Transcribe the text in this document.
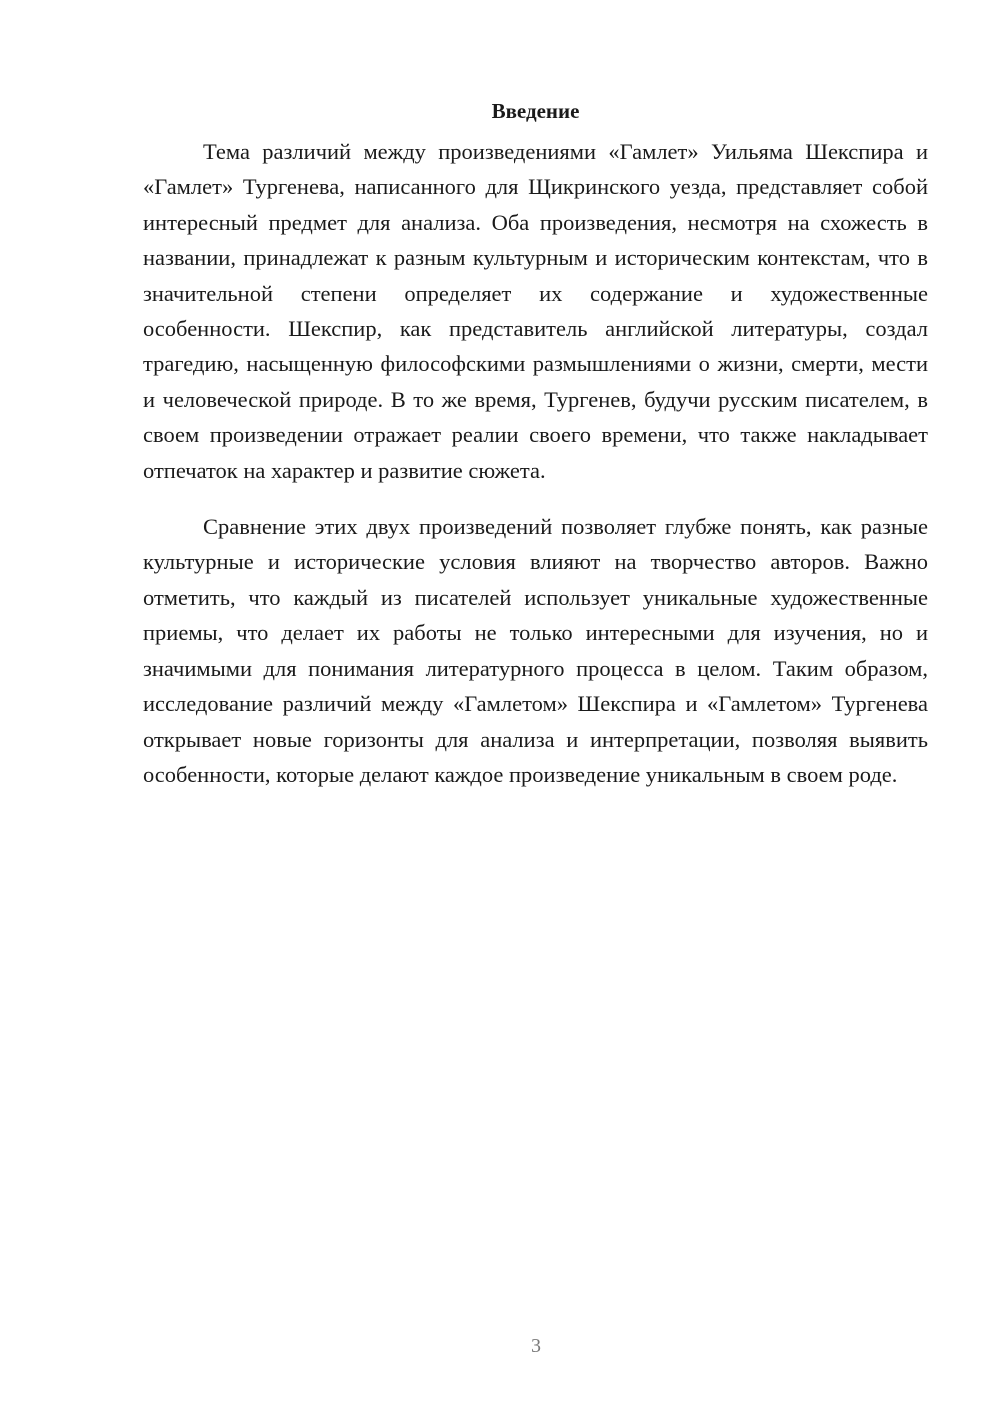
Введение

Тема различий между произведениями «Гамлет» Уильяма Шекспира и «Гамлет» Тургенева, написанного для Щикринского уезда, представляет собой интересный предмет для анализа. Оба произведения, несмотря на схожесть в названии, принадлежат к разным культурным и историческим контекстам, что в значительной степени определяет их содержание и художественные особенности. Шекспир, как представитель английской литературы, создал трагедию, насыщенную философскими размышлениями о жизни, смерти, мести и человеческой природе. В то же время, Тургенев, будучи русским писателем, в своем произведении отражает реалии своего времени, что также накладывает отпечаток на характер и развитие сюжета.

Сравнение этих двух произведений позволяет глубже понять, как разные культурные и исторические условия влияют на творчество авторов. Важно отметить, что каждый из писателей использует уникальные художественные приемы, что делает их работы не только интересными для изучения, но и значимыми для понимания литературного процесса в целом. Таким образом, исследование различий между «Гамлетом» Шекспира и «Гамлетом» Тургенева открывает новые горизонты для анализа и интерпретации, позволяя выявить особенности, которые делают каждое произведение уникальным в своем роде.

3
